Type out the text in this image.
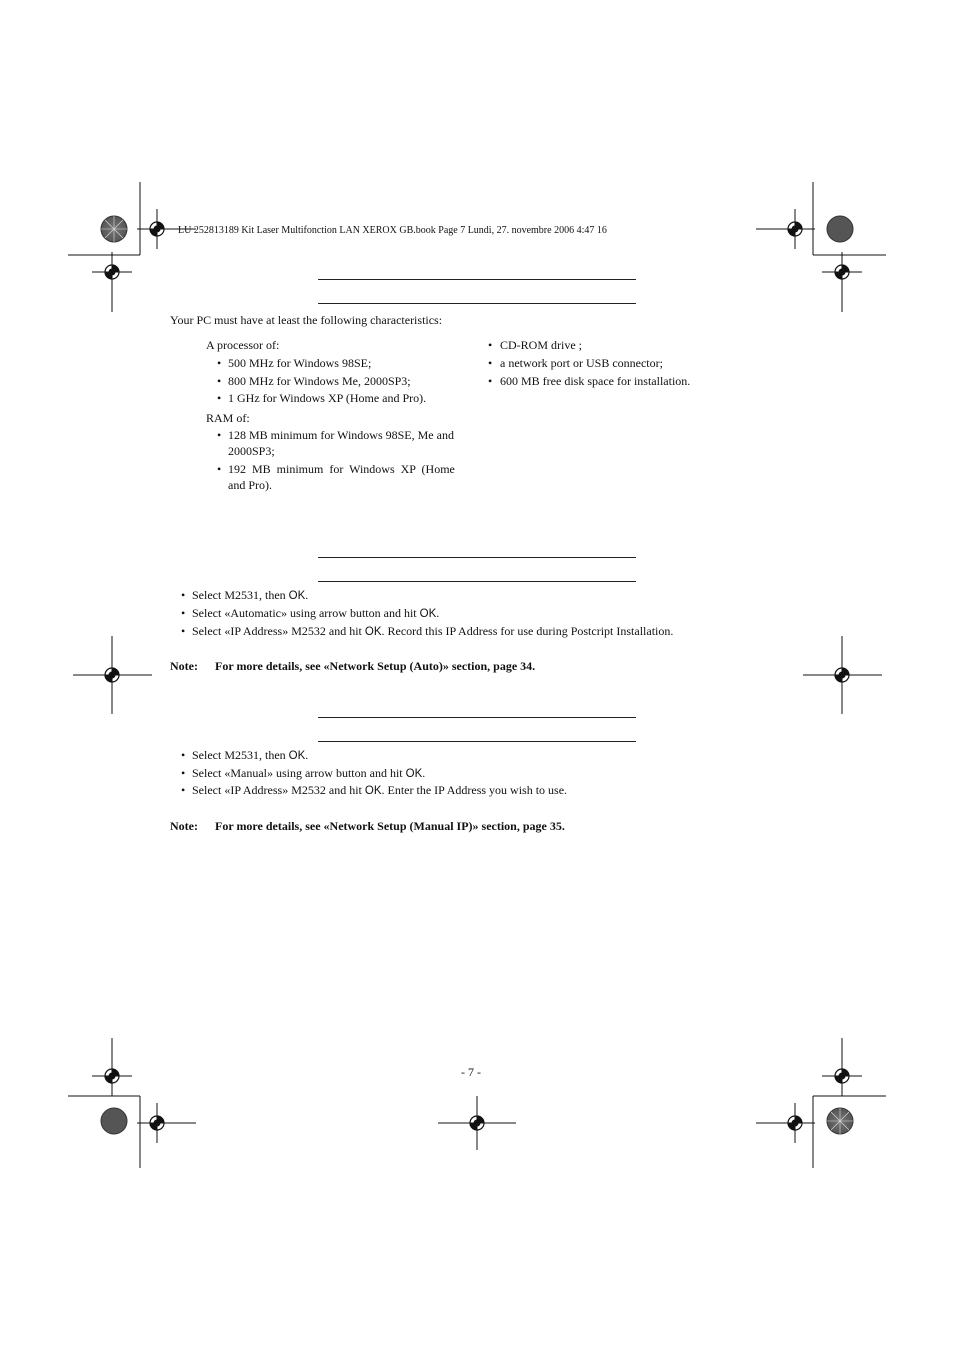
LU 252813189 Kit Laser Multifonction LAN XEROX GB.book Page 7 Lundi, 27. novembre 2006 4:47 16
Your PC must have at least the following characteristics:
A processor of:
• 500 MHz for Windows 98SE;
• 800 MHz for Windows Me, 2000SP3;
• 1 GHz for Windows XP (Home and Pro).
RAM of:
• 128 MB minimum for Windows 98SE, Me and
2000SP3;
• 192  MB  minimum  for  Windows  XP  (Home
and Pro).
• CD-ROM drive ;
• a network port or USB connector;
• 600 MB free disk space for installation.
• Select M2531, then OK.
• Select «Automatic» using arrow button and hit OK.
• Select «IP Address» M2532 and hit OK. Record this IP Address for use during Postcript Installation.
Note: For more details, see «Network Setup (Auto)» section, page 34.
• Select M2531, then OK.
• Select «Manual» using arrow button and hit OK.
• Select «IP Address» M2532 and hit OK. Enter the IP Address you wish to use.
Note: For more details, see «Network Setup (Manual IP)» section, page 35.
- 7 -
